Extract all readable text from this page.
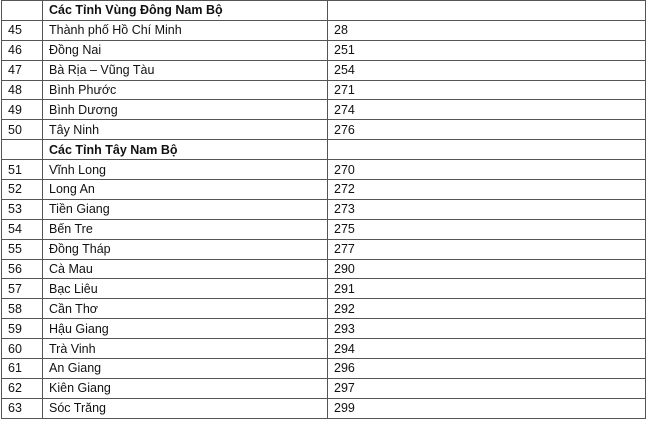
	Các Tỉnh Vùng Đông Nam Bộ	
45	Thành phố Hồ Chí Minh	28
46	Đồng Nai	251
47	Bà Rịa – Vũng Tàu	254
48	Bình Phước	271
49	Bình Dương	274
50	Tây Ninh	276
	Các Tỉnh Tây Nam Bộ	
51	Vĩnh Long	270
52	Long An	272
53	Tiền Giang	273
54	Bến Tre	275
55	Đồng Tháp	277
56	Cà Mau	290
57	Bạc Liêu	291
58	Cần Thơ	292
59	Hậu Giang	293
60	Trà Vinh	294
61	An Giang	296
62	Kiên Giang	297
63	Sóc Trăng	299
